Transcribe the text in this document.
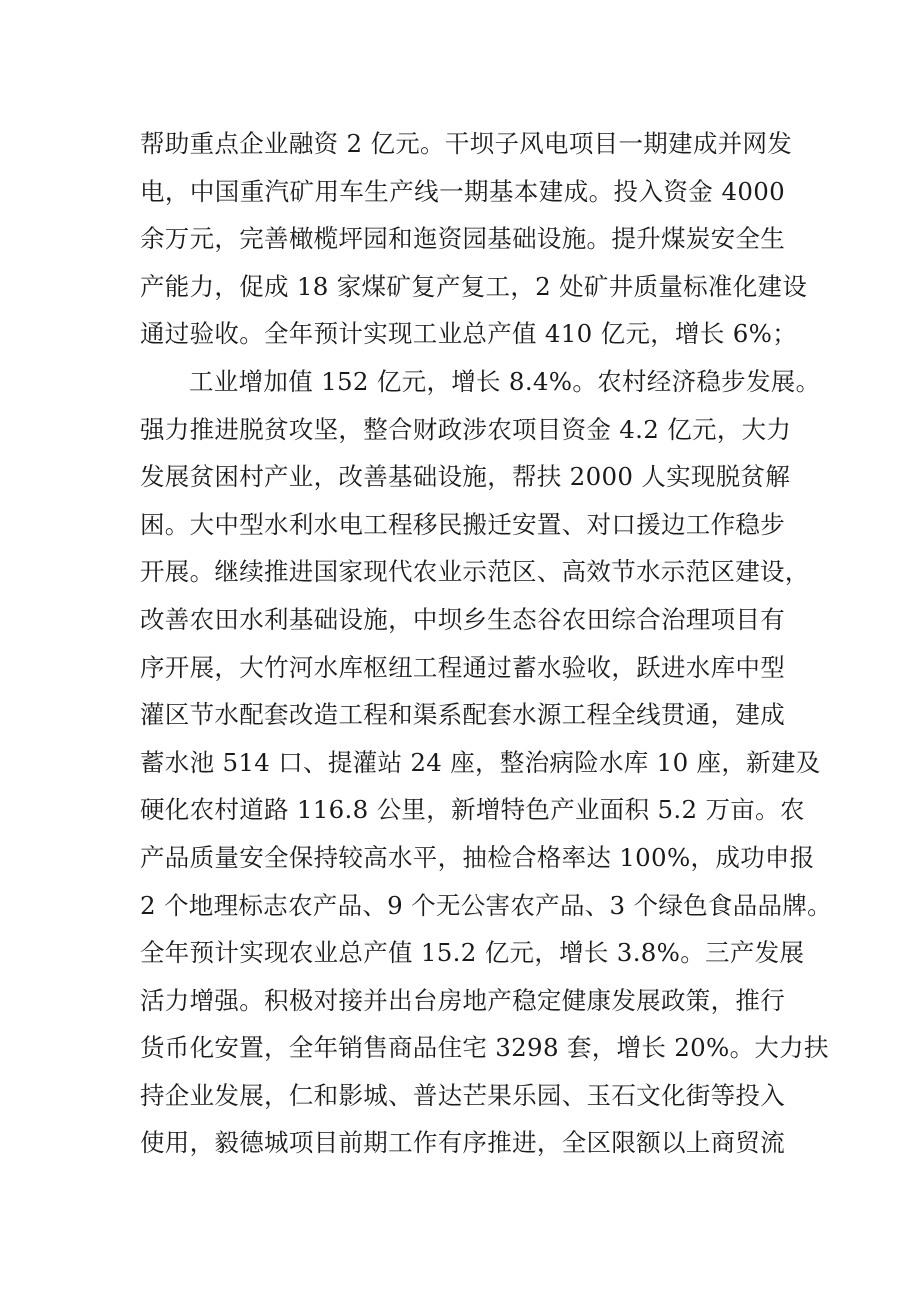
帮助重点企业融资 2 亿元。干坝子风电项目一期建成并网发
电，中国重汽矿用车生产线一期基本建成。投入资金 4000
余万元，完善橄榄坪园和迤资园基础设施。提升煤炭安全生
产能力，促成 18 家煤矿复产复工，2 处矿井质量标准化建设
通过验收。全年预计实现工业总产值 410 亿元，增长 6%；
工业增加值 152 亿元，增长 8.4%。农村经济稳步发展。
强力推进脱贫攻坚，整合财政涉农项目资金 4.2 亿元，大力
发展贫困村产业，改善基础设施，帮扶 2000 人实现脱贫解
困。大中型水利水电工程移民搬迁安置、对口援边工作稳步
开展。继续推进国家现代农业示范区、高效节水示范区建设，
改善农田水利基础设施，中坝乡生态谷农田综合治理项目有
序开展，大竹河水库枢纽工程通过蓄水验收，跃进水库中型
灌区节水配套改造工程和渠系配套水源工程全线贯通，建成
蓄水池 514 口、提灌站 24 座，整治病险水库 10 座，新建及
硬化农村道路 116.8 公里，新增特色产业面积 5.2 万亩。农
产品质量安全保持较高水平，抽检合格率达 100%，成功申报
2 个地理标志农产品、9 个无公害农产品、3 个绿色食品品牌。
全年预计实现农业总产值 15.2 亿元，增长 3.8%。三产发展
活力增强。积极对接并出台房地产稳定健康发展政策，推行
货币化安置，全年销售商品住宅 3298 套，增长 20%。大力扶
持企业发展，仁和影城、普达芒果乐园、玉石文化街等投入
使用，毅德城项目前期工作有序推进，全区限额以上商贸流
